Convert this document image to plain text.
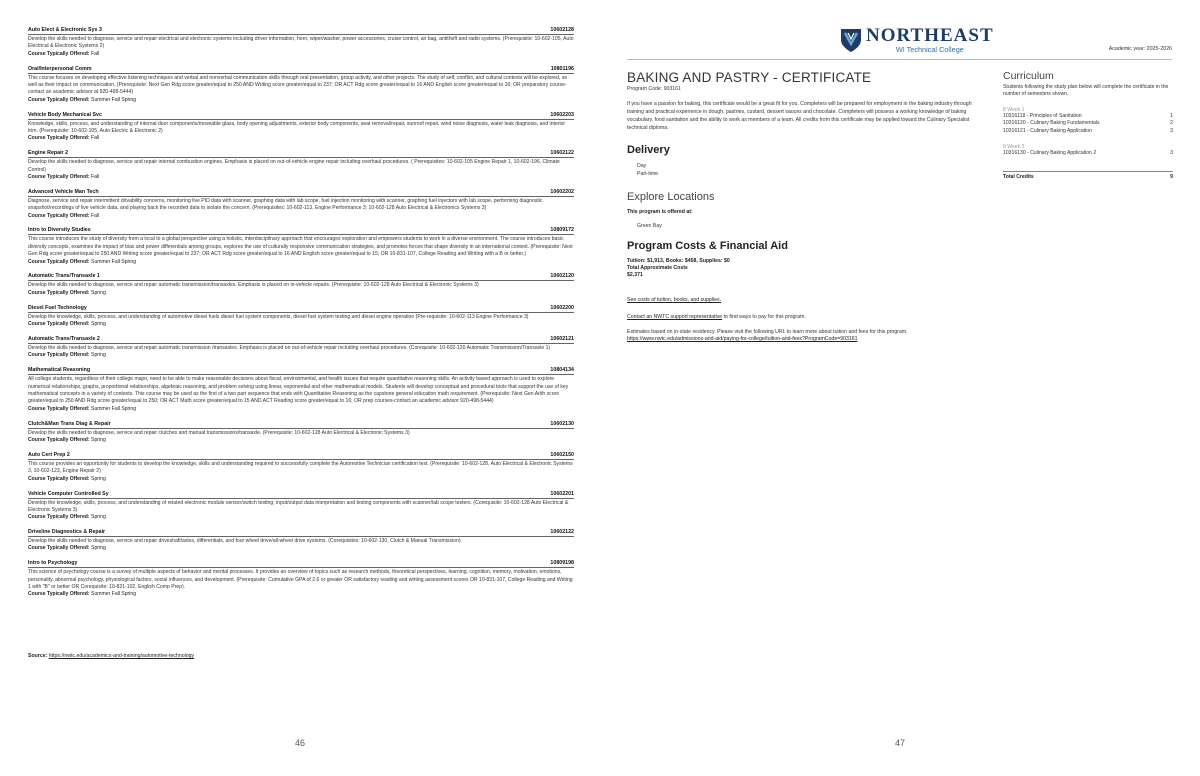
Auto Elect & Electronic Sys 3	10602128

Develop the skills needed to diagnose, service and repair electrical and electronic systems including driver information, horn, wiper/washer, power accessories, cruise control, air bag, antitheft and radio systems. (Prerequisite: 10-602-105, Auto Electrical & Electronic Systems 2)

Course Typically Offered: Fall
Oral/Interpersonal Comm	10801196

This course focuses on developing effective listening techniques and verbal and nonverbal communication skills through oral presentation, group activity, and other projects. The study of self, conflict, and cultural contexts will be explored, as well as their impact on communication. (Prerequisite: Next Gen Rdg score greater/equal to 250 AND Writing score greater/equal to 237; OR ACT Rdg score greater/equal to 16 AND English score greater/equal to 16; OR preparatory course-contact an academic advisor at 920-498-5444)

Course Typically Offered: Summer Fall Spring
Vehicle Body Mechanical Svc	10602203

Knowledge, skills, process, and understanding of internal door components/moveable glass, body opening adjustments, exterior body components, seat removal/repair, sunroof repair, wind noise diagnosis, water leak diagnosis, and interior trim. (Prerequisite: 10-602-105, Auto Electric & Electronic 2)

Course Typically Offered: Fall
Engine Repair 2	10602122

Develop the skills needed to diagnose, service and repair internal combustion engines. Emphasis is placed on out-of-vehicle engine repair including overhaul procedures. ( Prerequisites: 10-602-105 Engine Repair 1, 10-602-196, Climate Control)

Course Typically Offered: Fall
Advanced Vehicle Man Tech	10602202

Diagnose, service and repair intermittent drivability concerns, monitoring live PID data with scanner, graphing data with lab scope, fuel injection monitoring with scanner, graphing fuel injectors with lab scope, performing diagnostic snapshot/recordings of live vehicle data, and playing back the recorded data to isolate the concern. (Prerequisites: 10-602-113, Engine Performance 3; 10-602-128 Auto Electrical & Electronics Systems 3)

Course Typically Offered: Fall
Intro to Diversity Studies	10809172

This course introduces the study of diversity from a local to a global perspective using a holistic, interdisciplinary approach that encourages exploration and empowers students to work in a diverse environment. The course introduces basic diversity concepts, examines the impact of bias and power differentials among groups, explores the use of culturally responsive communication strategies, and promotes forces that shape diversity in an international context. (Prerequisite: Next Gen Rdg score greater/equal to 250 AND Writing score greater/equal to 237; OR ACT Rdg score greater/equal to 16 AND English score greater/equal to 15; OR 10-831-107, College Reading and Writing with a B or better.)

Course Typically Offered: Summer Fall Spring
Automatic Trans/Transaxle 1	10602120

Develop the skills needed to diagnose, service and repair automatic transmission/transaxles. Emphasis is placed on in-vehicle repairs. (Prerequisite: 10-602-128 Auto Electrical & Electronic Systems 3)

Course Typically Offered: Spring
Diesel Fuel Technology	10602200

Develop the knowledge, skills, process, and understanding of automotive diesel fuels diesel fuel system components, diesel fuel system testing and diesel engine operation (Pre-requisite: 10-602-113 Engine Performance 3)

Course Typically Offered: Spring
Automatic Trans/Transaxle 2	10602121

Develop the skills needed to diagnose, service and repair automatic transmission /transaxles. Emphasis is placed on out-of-vehicle repair including overhaul procedures. (Corequisite: 10-602-120 Automatic Transmission/Transaxle 1)

Course Typically Offered: Spring
Mathematical Reasoning	10804134

All college students, regardless of their college major, need to be able to make reasonable decisions about fiscal, environmental, and health issues that require quantitative reasoning skills. An activity based approach is used to explore numerical relationships, graphs, proportional relationships, algebraic reasoning, and problem solving using linear, exponential and other mathematical models. Students will develop conceptual and procedural tools that support the use of key mathematical concepts in a variety of contexts. This course may be used as the first of a two part sequence that ends with Quantitative Reasoning as the capstone general education math requirement. (Prerequisite: Next Gen Arith score greater/equal to 250 AND Rdg score greater/equal to 250; OR ACT Math score greater/equal to 15 AND ACT Reading score greater/equal to 16; OR prep courses-contact an academic advisor 920-498-5444)

Course Typically Offered: Summer Fall Spring
Clutch&Man Trans Diag & Repair	10602130

Develop the skills needed to diagnose, service and repair clutches and manual transmissions/transaxle. (Prerequisite: 10-602-128 Auto Electrical & Electronic Systems 3)

Course Typically Offered: Spring
Auto Cert Prep 2	10602150

This course provides an opportunity for students to develop the knowledge, skills and understanding required to successfully complete the Automotive Technician certification test. (Prerequisite: 10-602-128, Auto Electrical & Electronic Systems 3, 10-602-123, Engine Repair 2)

Course Typically Offered: Spring
Vehicle Computer Controlled Sy	10602201

Develop the knowledge, skills, process, and understanding of related electronic module sensor/switch testing, input/output data interpretation and testing components with scanner/lab scope testers. (Corequisite: 10-602-128 Auto Electrical & Electronic Systems 3)

Course Typically Offered: Spring
Driveline Diagnostics & Repair	10602122

Develop the skills needed to diagnose, service and repair driveshaft/axles, differentials, and four wheel drive/all-wheel drive systems. (Corequisites: 10-602-130, Clutch & Manual Transmission)

Course Typically Offered: Spring
Intro to Psychology	10809198

This science of psychology course is a survey of multiple aspects of behavior and mental processes. It provides an overview of topics such as research methods, theoretical perspectives, learning, cognition, memory, motivation, emotions, personality, abnormal psychology, physiological factors, social influences, and development. (Prerequisite: Cumulative GPA of 2.6 or greater OR satisfactory reading and writing assessment scores OR 10-831-107, College Reading and Writing 1 with "B" or better OR Corequisite: 10-831-102, English Comp Prep).

Course Typically Offered: Summer Fall Spring
Source: https://nwtc.edu/academics-and-training/automotive-technology
46
NORTHEAST
WI Technical College	Academic year: 2025-2026
BAKING AND PASTRY - CERTIFICATE
Program Code: 903161
If you have a passion for baking, this certificate would be a great fit for you. Completers will be prepared for employment in the baking industry through training and practical experience in dough, pastries, custard, dessert sauces and chocolate. Completers will possess a working knowledge of baking vocabulary, food sanitation and the ability to work as members of a team. All credits from this certificate may be applied toward the Culinary Specialist technical diploma.
Delivery
Day
Part-time
Explore Locations
This program is offered at:
Green Bay
Program Costs & Financial Aid
Tuition: $1,913, Books: $458, Supplies: $0
Total Approximate Costs
$2,371
See costs of tuition, books, and supplies.
Contact an NWTC support representative to find ways to pay for this program.
Estimates based on in-state residency. Please visit the following URL to learn more about tuition and fees for this program.
https://www.nwtc.edu/admissions-and-aid/paying-for-college/tuition-and-fees?ProgramCode=903161
Curriculum
Students following the study plan below will complete the certificate in the number of semesters shown.
8 Week 1
10316118 - Principles of Sanitation	1
10316120 - Culinary Baking Fundamentals	2
10316121 - Culinary Baking Application	3
8 Week 2
10316130 - Culinary Baking Application 2	3
Total Credits	9
47
